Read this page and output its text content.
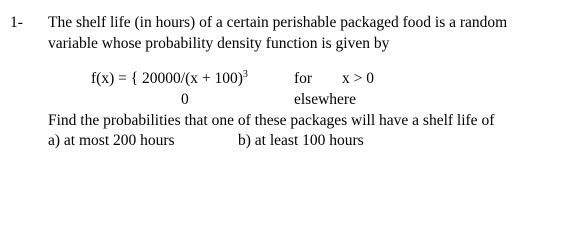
1- The shelf life (in hours) of a certain perishable packaged food is a random
variable whose probability density function is given by
f(x) = { $20000/(x + 100)^3$	for x > 0
0	elsewhere
Find the probabilities that one of these packages will have a shelf life of
a) at most 200 hours	b) at least 100 hours
